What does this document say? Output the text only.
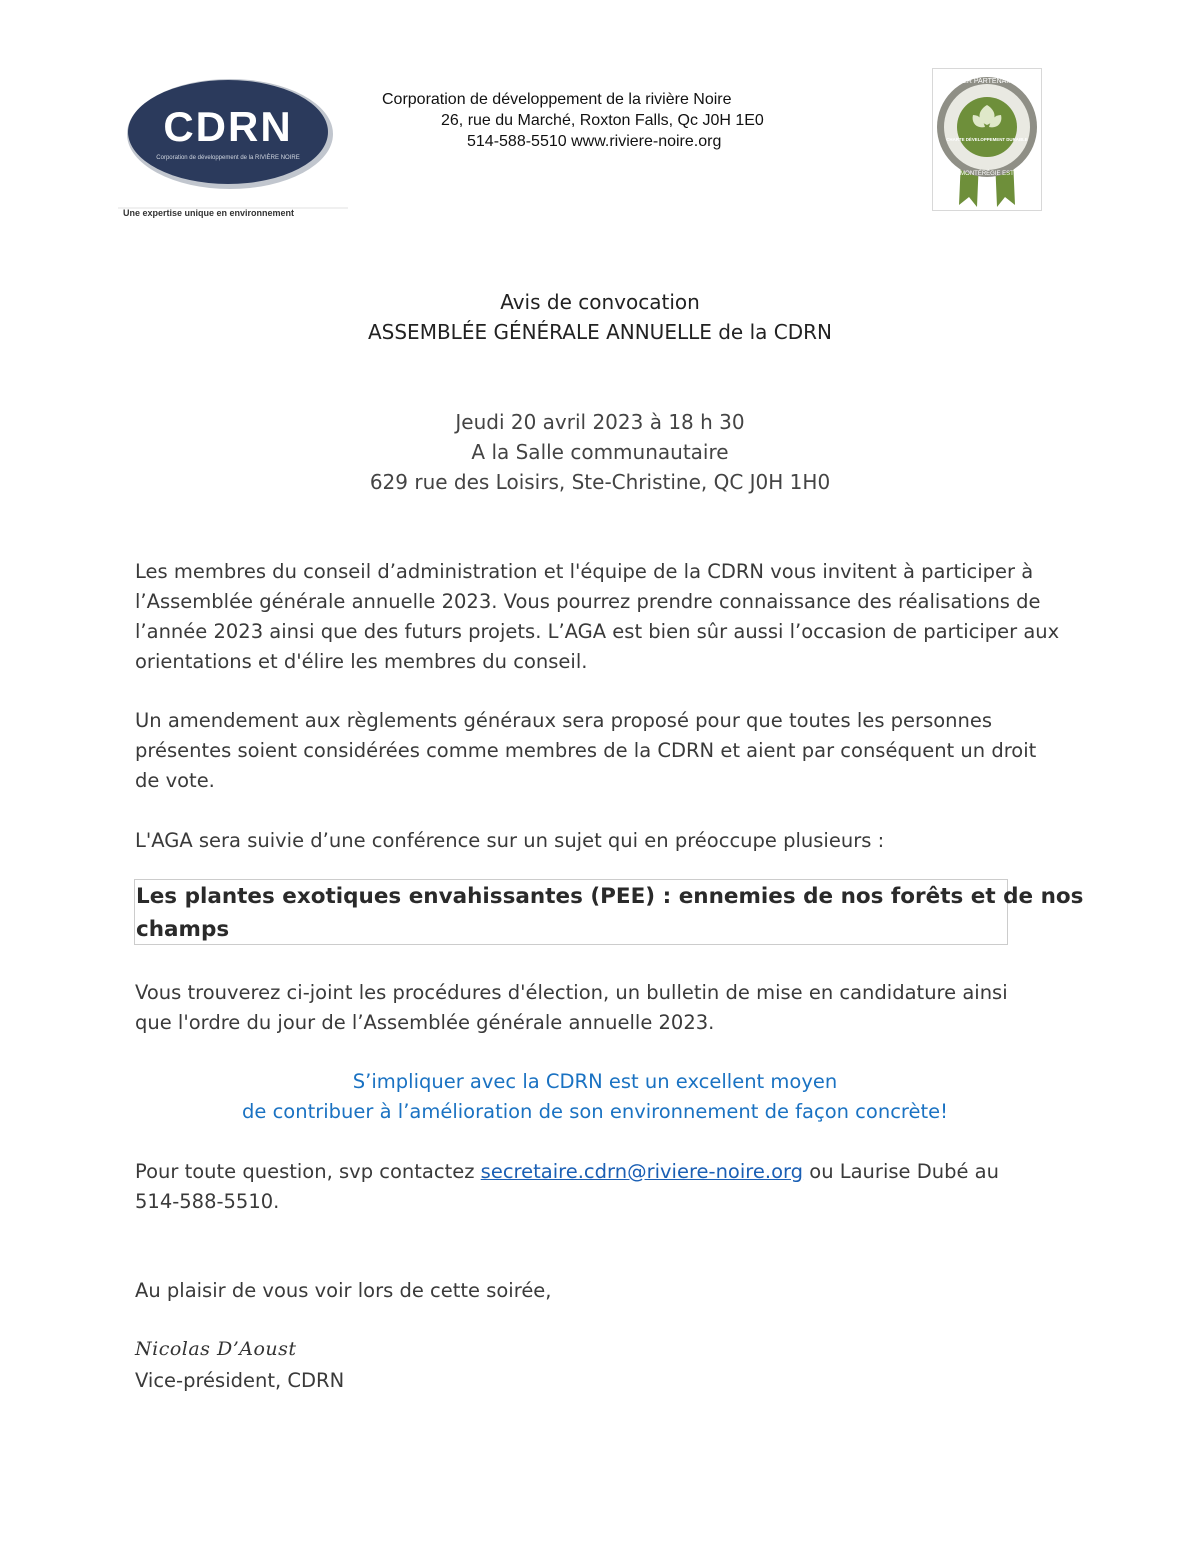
CDRN
Corporation de développement de la RIVIÈRE NOIRE
Une expertise unique en environnement
Corporation de développement de la rivière Noire
26, rue du Marché, Roxton Falls, Qc J0H 1E0
514-588-5510 www.riviere-noire.org
FIER PARTENAIRE
CHARTE DÉVELOPPEMENT DURABLE
MONTÉRÉGIE EST
Avis de convocation
ASSEMBLÉE GÉNÉRALE ANNUELLE de la CDRN
Jeudi 20 avril 2023 à 18 h 30
A la Salle communautaire
629 rue des Loisirs, Ste-Christine, QC J0H 1H0

Les membres du conseil d’administration et l'équipe de la CDRN vous invitent à participer à

l’Assemblée générale annuelle 2023. Vous pourrez prendre connaissance des réalisations de

l’année 2023 ainsi que des futurs projets. L’AGA est bien sûr aussi l’occasion de participer aux

orientations et d'élire les membres du conseil.

Un amendement aux règlements généraux sera proposé pour que toutes les personnes

présentes soient considérées comme membres de la CDRN et aient par conséquent un droit

de vote.

L'AGA sera suivie d’une conférence sur un sujet qui en préoccupe plusieurs :

Les plantes exotiques envahissantes (PEE) : ennemies de nos forêts et de nos

champs

Vous trouverez ci-joint les procédures d'élection, un bulletin de mise en candidature ainsi

que l'ordre du jour de l’Assemblée générale annuelle 2023.

S’impliquer avec la CDRN est un excellent moyen
de contribuer à l’amélioration de son environnement de façon concrète!

Pour toute question, svp contactez secretaire.cdrn@riviere-noire.org ou Laurise Dubé au

514-588-5510.

Au plaisir de vous voir lors de cette soirée,

Nicolas D’Aoust
Vice-président, CDRN
